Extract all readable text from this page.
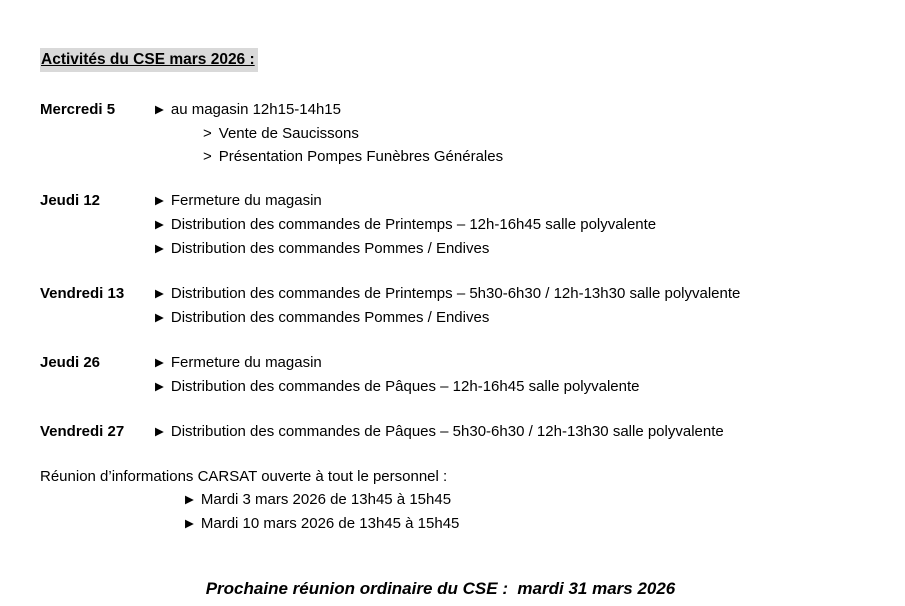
Activités du CSE mars 2026 :

Mercredi 5	▶ au magasin 12h15-14h15
> Vente de Saucissons
> Présentation Pompes Funèbres Générales
Jeudi 12	▶ Fermeture du magasin
▶ Distribution des commandes de Printemps – 12h-16h45 salle polyvalente
▶ Distribution des commandes Pommes / Endives
Vendredi 13	▶ Distribution des commandes de Printemps – 5h30-6h30 / 12h-13h30 salle polyvalente
▶ Distribution des commandes Pommes / Endives
Jeudi 26	▶ Fermeture du magasin
▶ Distribution des commandes de Pâques – 12h-16h45 salle polyvalente
Vendredi 27	▶ Distribution des commandes de Pâques – 5h30-6h30 / 12h-13h30 salle polyvalente
Réunion d’informations CARSAT ouverte à tout le personnel :
▶ Mardi 3 mars 2026 de 13h45 à 15h45
▶ Mardi 10 mars 2026 de 13h45 à 15h45

Prochaine réunion ordinaire du CSE :  mardi 31 mars 2026
